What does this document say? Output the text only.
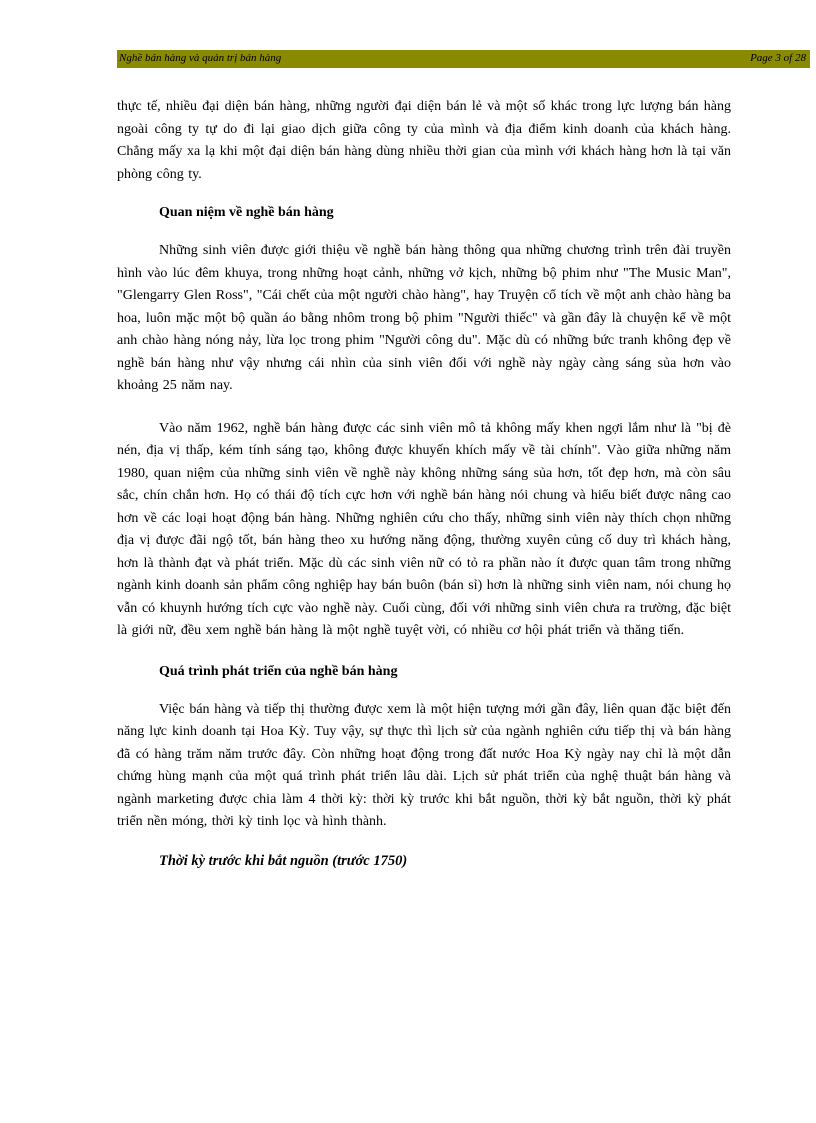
Nghề bán hàng và quản trị bán hàng	Page 3 of 28

thực tế, nhiều đại diện bán hàng, những người đại diện bán lẻ và một số khác trong lực lượng bán hàng ngoài công ty tự do đi lại giao dịch giữa công ty của mình và địa điểm kinh doanh của khách hàng. Chẳng mấy xa lạ khi một đại diện bán hàng dùng nhiều thời gian của mình với khách hàng hơn là tại văn phòng công ty.

Quan niệm về nghề bán hàng

Những sinh viên được giới thiệu về nghề bán hàng thông qua những chương trình trên đài truyền hình vào lúc đêm khuya, trong những hoạt cảnh, những vở kịch, những bộ phim như "The Music Man", "Glengarry Glen Ross", "Cái chết của một người chào hàng", hay Truyện cổ tích về một anh chào hàng ba hoa, luôn mặc một bộ quần áo bằng nhôm trong bộ phim "Người thiếc" và gần đây là chuyện kể về một anh chào hàng nóng nảy, lừa lọc trong phim "Người công du". Mặc dù có những bức tranh không đẹp về nghề bán hàng như vậy nhưng cái nhìn của sinh viên đối với nghề này ngày càng sáng sủa hơn vào khoảng 25 năm nay.

Vào năm 1962, nghề bán hàng được các sinh viên mô tả không mấy khen ngợi lắm như là "bị đè nén, địa vị thấp, kém tính sáng tạo, không được khuyến khích mấy về tài chính". Vào giữa những năm 1980, quan niệm của những sinh viên về nghề này không những sáng sủa hơn, tốt đẹp hơn, mà còn sâu sắc, chín chắn hơn. Họ có thái độ tích cực hơn với nghề bán hàng nói chung và hiểu biết được nâng cao hơn về các loại hoạt động bán hàng. Những nghiên cứu cho thấy, những sinh viên này thích chọn những địa vị được đãi ngộ tốt, bán hàng theo xu hướng năng động, thường xuyên củng cố duy trì khách hàng, hơn là thành đạt và phát triển. Mặc dù các sinh viên nữ có tỏ ra phần nào ít được quan tâm trong những ngành kinh doanh sản phẩm công nghiệp hay bán buôn (bán sỉ) hơn là những sinh viên nam, nói chung họ vẫn có khuynh hướng tích cực vào nghề này. Cuối cùng, đối với những sinh viên chưa ra trường, đặc biệt là giới nữ, đều xem nghề bán hàng là một nghề tuyệt vời, có nhiều cơ hội phát triển và thăng tiến.

Quá trình phát triển của nghề bán hàng

Việc bán hàng và tiếp thị thường được xem là một hiện tượng mới gần đây, liên quan đặc biệt đến năng lực kinh doanh tại Hoa Kỳ. Tuy vậy, sự thực thì lịch sử của ngành nghiên cứu tiếp thị và bán hàng đã có hàng trăm năm trước đây. Còn những hoạt động trong đất nước Hoa Kỳ ngày nay chỉ là một dẫn chứng hùng mạnh của một quá trình phát triển lâu dài. Lịch sử phát triển của nghệ thuật bán hàng và ngành marketing được chia làm 4 thời kỳ: thời kỳ trước khi bắt nguồn, thời kỳ bắt nguồn, thời kỳ phát triển nền móng, thời kỳ tinh lọc và hình thành.

Thời kỳ trước khi bắt nguồn (trước 1750)
